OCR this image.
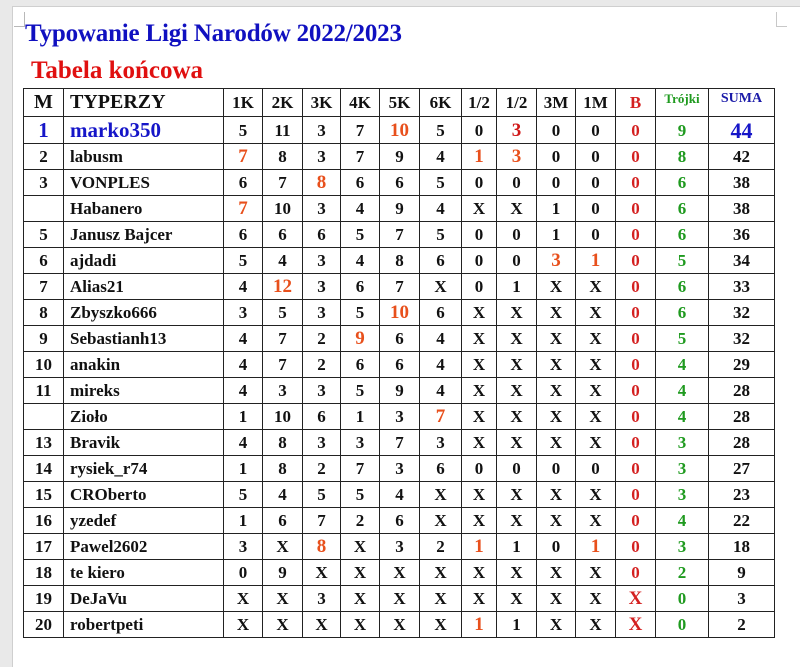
Typowanie Ligi Narodów 2022/2023
Tabela końcowa
M	TYPERZY	1K	2K	3K	4K	5K	6K	1/2	1/2	3M	1M	B	Trójki	SUMA
1	marko350	5	11	3	7	10	5	0	3	0	0	0	9	44
2	labusm	7	8	3	7	9	4	1	3	0	0	0	8	42
3	VONPLES	6	7	8	6	6	5	0	0	0	0	0	6	38
	Habanero	7	10	3	4	9	4	X	X	1	0	0	6	38
5	Janusz Bajcer	6	6	6	5	7	5	0	0	1	0	0	6	36
6	ajdadi	5	4	3	4	8	6	0	0	3	1	0	5	34
7	Alias21	4	12	3	6	7	X	0	1	X	X	0	6	33
8	Zbyszko666	3	5	3	5	10	6	X	X	X	X	0	6	32
9	Sebastianh13	4	7	2	9	6	4	X	X	X	X	0	5	32
10	anakin	4	7	2	6	6	4	X	X	X	X	0	4	29
11	mireks	4	3	3	5	9	4	X	X	X	X	0	4	28
	Zioło	1	10	6	1	3	7	X	X	X	X	0	4	28
13	Bravik	4	8	3	3	7	3	X	X	X	X	0	3	28
14	rysiek_r74	1	8	2	7	3	6	0	0	0	0	0	3	27
15	CROberto	5	4	5	5	4	X	X	X	X	X	0	3	23
16	yzedef	1	6	7	2	6	X	X	X	X	X	0	4	22
17	Pawel2602	3	X	8	X	3	2	1	1	0	1	0	3	18
18	te kiero	0	9	X	X	X	X	X	X	X	X	0	2	9
19	DeJaVu	X	X	3	X	X	X	X	X	X	X	X	0	3
20	robertpeti	X	X	X	X	X	X	1	1	X	X	X	0	2
